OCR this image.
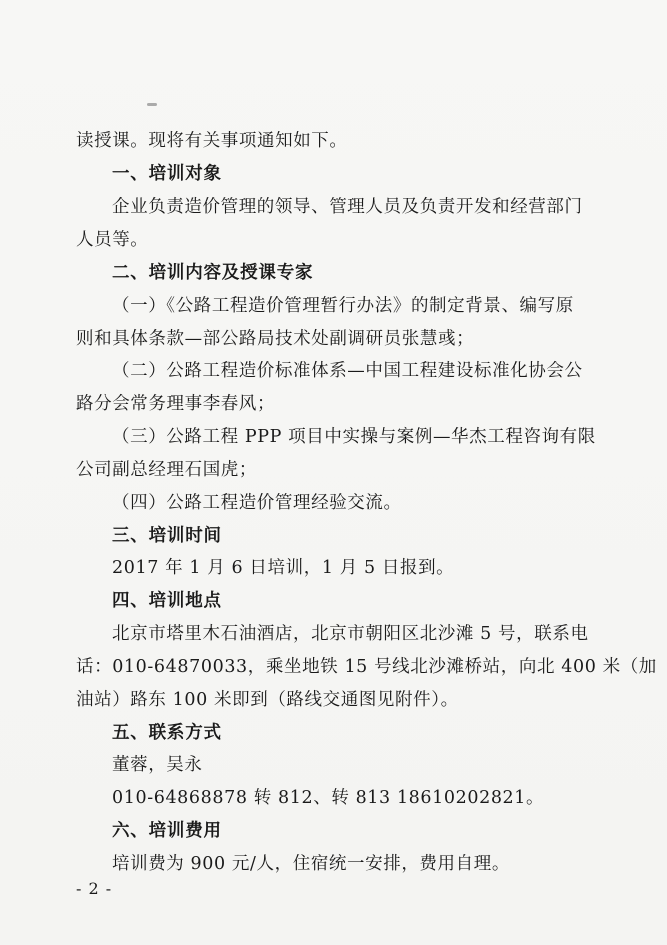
读授课。现将有关事项通知如下。
一、培训对象
企业负责造价管理的领导、管理人员及负责开发和经营部门
人员等。
二、培训内容及授课专家
（一）《公路工程造价管理暂行办法》的制定背景、编写原
则和具体条款—部公路局技术处副调研员张慧彧；
（二）公路工程造价标准体系—中国工程建设标准化协会公
路分会常务理事李春风；
（三）公路工程 PPP 项目中实操与案例—华杰工程咨询有限
公司副总经理石国虎；
（四）公路工程造价管理经验交流。
三、培训时间
2017 年 1 月 6 日培训，1 月 5 日报到。
四、培训地点
北京市塔里木石油酒店，北京市朝阳区北沙滩 5 号，联系电
话：010-64870033，乘坐地铁 15 号线北沙滩桥站，向北 400 米（加
油站）路东 100 米即到（路线交通图见附件）。
五、联系方式
董蓉，吴永
010-64868878 转 812、转 813 18610202821。
六、培训费用
培训费为 900 元/人，住宿统一安排，费用自理。
- 2 -
